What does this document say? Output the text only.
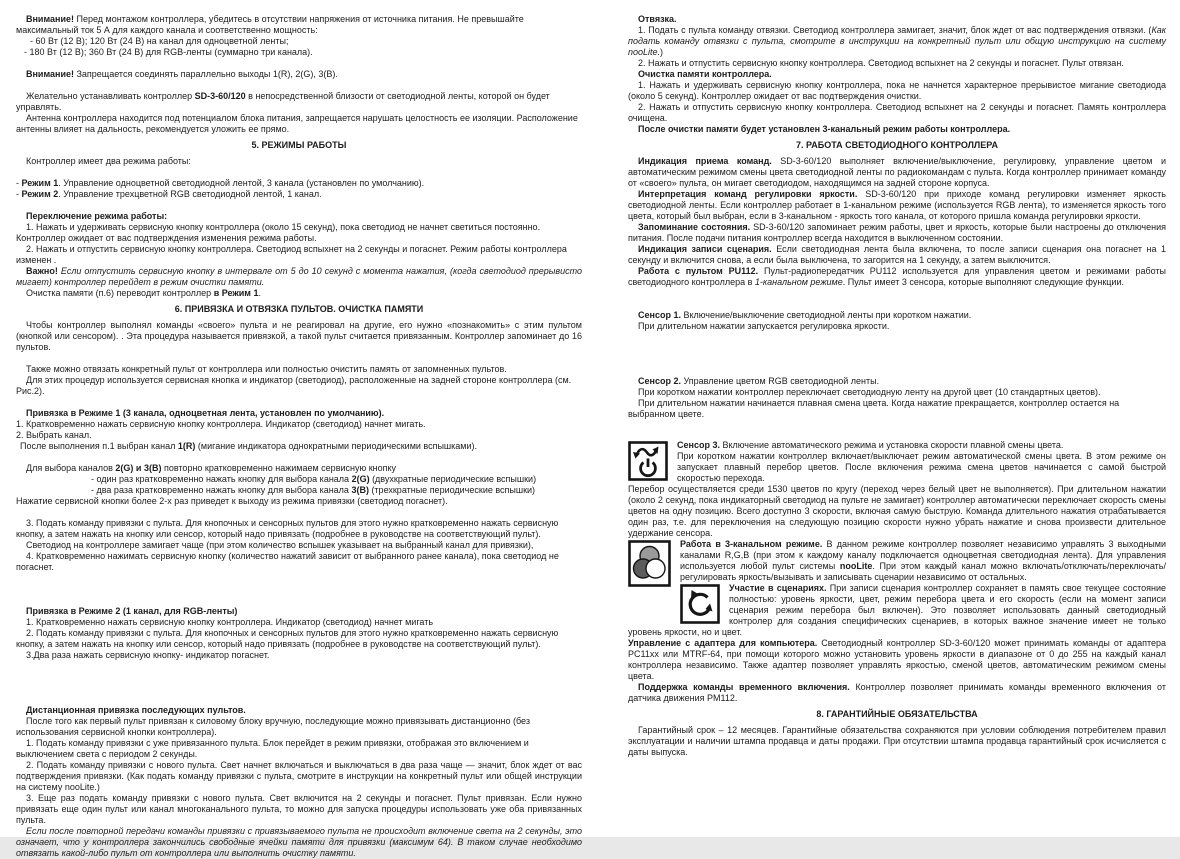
Внимание! Перед монтажом контроллера, убедитесь в отсутствии напряжения от источника питания. Не превышайте максимальный ток 5 А для каждого канала и соответственно мощность:
- 60 Вт (12 В); 120 Вт (24 В) на канал для одноцветной ленты;
- 180 Вт (12 В); 360 Вт (24 В) для RGB-ленты (суммарно три канала).
Внимание! Запрещается соединять параллельно выходы 1(R), 2(G), 3(В).
Желательно устанавливать контроллер SD-3-60/120 в непосредственной близости от светодиодной ленты, которой он будет управлять.
Антенна контроллера находится под потенциалом блока питания, запрещается нарушать целостность ее изоляции. Расположение антенны влияет на дальность, рекомендуется уложить ее прямо.
5. РЕЖИМЫ РАБОТЫ
Контроллер имеет два режима работы:
- Режим 1. Управление одноцветной светодиодной лентой, 3 канала (установлен по умолчанию).
- Режим 2. Управление трехцветной RGB светодиодной лентой, 1 канал.
Переключение режима работы:
1. Нажать и удерживать сервисную кнопку контроллера (около 15 секунд), пока светодиод не начнет светиться постоянно. Контроллер ожидает от вас подтверждения изменения режима работы.
2. Нажать и отпустить сервисную кнопку контроллера. Светодиод вспыхнет на 2 секунды и погаснет. Режим работы контроллера изменен .
Важно! Если отпустить сервисную кнопку в интервале от 5 до 10 секунд с момента нажатия, (когда светодиод прерывисто мигает) контроллер перейдет в режим очистки памяти.
Очистка памяти (п.6) переводит контроллер в Режим 1.
6. ПРИВЯЗКА И ОТВЯЗКА ПУЛЬТОВ. ОЧИСТКА ПАМЯТИ
Чтобы контроллер выполнял команды «своего» пульта и не реагировал на другие, его нужно «познакомить» с этим пультом (кнопкой или сенсором). . Эта процедура называется привязкой, а такой пульт считается привязанным. Контроллер запоминает до 16 пультов.
Также можно отвязать конкретный пульт от контроллера или полностью очистить память от запомненных пультов.
Для этих процедур используется сервисная кнопка и индикатор (светодиод), расположенные на задней стороне контроллера (см. Рис.2).
Привязка в Режиме 1 (3 канала, одноцветная лента, установлен по умолчанию).
1. Кратковременно нажать сервисную кнопку контроллера. Индикатор (светодиод) начнет мигать.
2. Выбрать канал.
После выполнения п.1 выбран канал 1(R) (мигание индикатора однократными периодическими вспышками).
Для выбора каналов 2(G) и 3(B) повторно кратковременно нажимаем сервисную кнопку
- один раз кратковременно нажать кнопку для выбора канала 2(G) (двухкратные периодические вспышки)
- два раза кратковременно нажать кнопку для выбора канала 3(B) (трехкратные периодические вспышки)
Нажатие сервисной кнопки более 2-х раз приведет к выходу из режима привязки (светодиод погаснет).
3. Подать команду привязки с пульта. Для кнопочных и сенсорных пультов для этого нужно кратковременно нажать сервисную кнопку, а затем нажать на кнопку или сенсор, который надо привязать (подробнее в руководстве на соответствующий пульт).
Светодиод на контроллере замигает чаще (при этом количество вспышек указывает на выбранный канал для привязки),
4. Кратковременно нажимать сервисную кнопку (количество нажатий зависит от выбранного ранее канала), пока светодиод не погаснет.
Привязка в Режиме 2 (1 канал, для RGB-ленты)
1. Кратковременно нажать сервисную кнопку контроллера. Индикатор (светодиод) начнет мигать
2. Подать команду привязки с пульта. Для кнопочных и сенсорных пультов для этого нужно кратковременно нажать сервисную кнопку, а затем нажать на кнопку или сенсор, который надо привязать (подробнее в руководстве на соответствующий пульт).
3.Два раза нажать сервисную кнопку- индикатор погаснет.
Дистанционная привязка последующих пультов.
После того как первый пульт привязан к силовому блоку вручную, последующие можно привязывать дистанционно (без использования сервисной кнопки контроллера).
1. Подать команду привязки с уже привязанного пульта. Блок перейдет в режим привязки, отображая это включением и выключением света с периодом 2 секунды.
2. Подать команду привязки с нового пульта. Свет начнет включаться и выключаться в два раза чаще — значит, блок ждет от вас подтверждения привязки. (Как подать команду привязки с пульта, смотрите в инструкции на конкретный пульт или общей инструкции на систему nooLite.)
3. Еще раз подать команду привязки с нового пульта. Свет включится на 2 секунды и погаснет. Пульт привязан. Если нужно привязать еще один пульт или канал многоканального пульта, то можно для запуска процедуры использовать уже оба привязанных пульта.
Если после повторной передачи команды привязки с привязываемого пульта не происходит включение света на 2 секунды, это означает, что у контроллера закончились свободные ячейки памяти для привязки (максимум 64). В таком случае необходимо отвязать какой-либо пульт от контроллера или выполнить очистку памяти.
Отвязка.
1. Подать с пульта команду отвязки. Светодиод контроллера замигает, значит, блок ждет от вас подтверждения отвязки. (Как подать команду отвязки с пульта, смотрите в инструкции на конкретный пульт или общую инструкцию на систему nooLite.)
2. Нажать и отпустить сервисную кнопку контроллера. Светодиод вспыхнет на 2 секунды и погаснет. Пульт отвязан.
Очистка памяти контроллера.
1. Нажать и удерживать сервисную кнопку контроллера, пока не начнется характерное прерывистое мигание светодиода (около 5 секунд). Контроллер ожидает от вас подтверждения очистки.
2. Нажать и отпустить сервисную кнопку контроллера. Светодиод вспыхнет на 2 секунды и погаснет. Память контроллера очищена.
После очистки памяти будет установлен 3-канальный режим работы контроллера.
7. РАБОТА СВЕТОДИОДНОГО КОНТРОЛЛЕРА
Индикация приема команд. SD-3-60/120 выполняет включение/выключение, регулировку, управление цветом и автоматическим режимом смены цвета светодиодной ленты по радиокомандам с пульта. Когда контроллер принимает команду от «своего» пульта, он мигает светодиодом, находящимся на задней стороне корпуса.
Интерпретация команд регулировки яркости. SD-3-60/120 при приходе команд регулировки изменяет яркость светодиодной ленты. Если контроллер работает в 1-канальном режиме (используется RGB лента), то изменяется яркость того цвета, который был выбран, если в 3-канальном - яркость того канала, от которого пришла команда регулировки яркости.
Запоминание состояния. SD-3-60/120 запоминает режим работы, цвет и яркость, которые были настроены до отключения питания. После подачи питания контроллер всегда находится в выключенном состоянии.
Индикация записи сценария. Если светодиодная лента была включена, то после записи сценария она погаснет на 1 секунду и включится снова, а если была выключена, то загорится на 1 секунду, а затем выключится.
Работа с пультом PU112. Пульт-радиопередатчик PU112 используется для управления цветом и режимами работы светодиодного контроллера в 1-канальном режиме. Пульт имеет 3 сенсора, которые выполняют следующие функции.
Сенсор 1. Включение/выключение светодиодной ленты при коротком нажатии.
При длительном нажатии запускается регулировка яркости.
Сенсор 2. Управление цветом RGB светодиодной ленты.
При коротком нажатии контроллер переключает светодиодную ленту на другой цвет (10 стандартных цветов).
При длительном нажатии начинается плавная смена цвета. Когда нажатие прекращается, контроллер остается на выбранном цвете.
Сенсор 3. Включение автоматического режима и установка скорости плавной смены цвета.
При коротком нажатии контроллер включает/выключает режим автоматической смены цвета. В этом режиме он запускает плавный перебор цветов. После включения режима смена цветов начинается с самой быстрой скоростью перехода.
Перебор осуществляется среди 1530 цветов по кругу (переход через белый цвет не выполняется). При длительном нажатии (около 2 секунд, пока индикаторный светодиод на пульте не замигает) контроллер автоматически переключает скорость смены цветов на одну позицию. Всего доступно 3 скорости, включая самую быструю. Команда длительного нажатия отрабатывается один раз, т.е. для переключения на следующую позицию скорости нужно убрать нажатие и снова произвести длительное удержание сенсора.
Работа в 3-канальном режиме. В данном режиме контроллер позволяет независимо управлять 3 выходными каналами R,G,B (при этом к каждому каналу подключается одноцветная светодиодная лента). Для управления используется любой пульт системы nooLite. При этом каждый канал можно включать/отключать/переключать/регулировать яркость/вызывать и записывать сценарии независимо от остальных.
Участие в сценариях. При записи сценария контроллер сохраняет в память свое текущее состояние полностью: уровень яркости, цвет, режим перебора цвета и его скорость (если на момент записи сценария режим перебора был включен). Это позволяет использовать данный светодиодный контролер для создания специфических сценариев, в которых важное значение имеет не только уровень яркости, но и цвет.
Управление с адаптера для компьютера. Светодиодный контроллер SD-3-60/120 может принимать команды от адаптера PC11xx или MTRF-64, при помощи которого можно установить уровень яркости в диапазоне от 0 до 255 на каждый канал контроллера независимо. Также адаптер позволяет управлять яркостью, сменой цветов, автоматическим режимом смены цвета.
Поддержка команды временного включения. Контроллер позволяет принимать команды временного включения от датчика движения PM112.
8. ГАРАНТИЙНЫЕ ОБЯЗАТЕЛЬСТВА
Гарантийный срок – 12 месяцев. Гарантийные обязательства сохраняются при условии соблюдения потребителем правил эксплуатации и наличии штампа продавца и даты продажи. При отсутствии штампа продавца гарантийный срок исчисляется с даты выпуска.
